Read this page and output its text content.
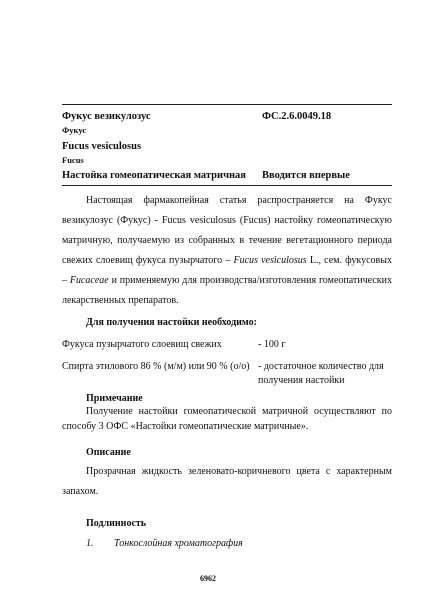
Фукус везикулозус	ФС.2.6.0049.18
Фукус
Fucus vesiculosus
Fucus
Настойка гомеопатическая матричная Вводится впервые
Настоящая фармакопейная статья распространяется на Фукус везикулозус (Фукус) - Fucus vesiculosus (Fucus) настойку гомеопатическую матричную, получаемую из собранных в течение вегетационного периода свежих слоевищ фукуса пузырчатого – Fucus vesiculosus L., сем. фукусовых – Fucaceae и применяемую для производства/изготовления гомеопатических лекарственных препаратов.
Для получения настойки необходимо:
Фукуса пузырчатого слоевищ свежих	- 100 г
Спирта этилового 86 % (м/м) или 90 % (о/о) - достаточное количество для получения настойки
Примечание
Получение настойки гомеопатической матричной осуществляют по способу 3 ОФС «Настойки гомеопатические матричные».
Описание
Прозрачная жидкость зеленовато-коричневого цвета с характерным запахом.
Подлинность
1. Тонкослойная хроматография
6962
